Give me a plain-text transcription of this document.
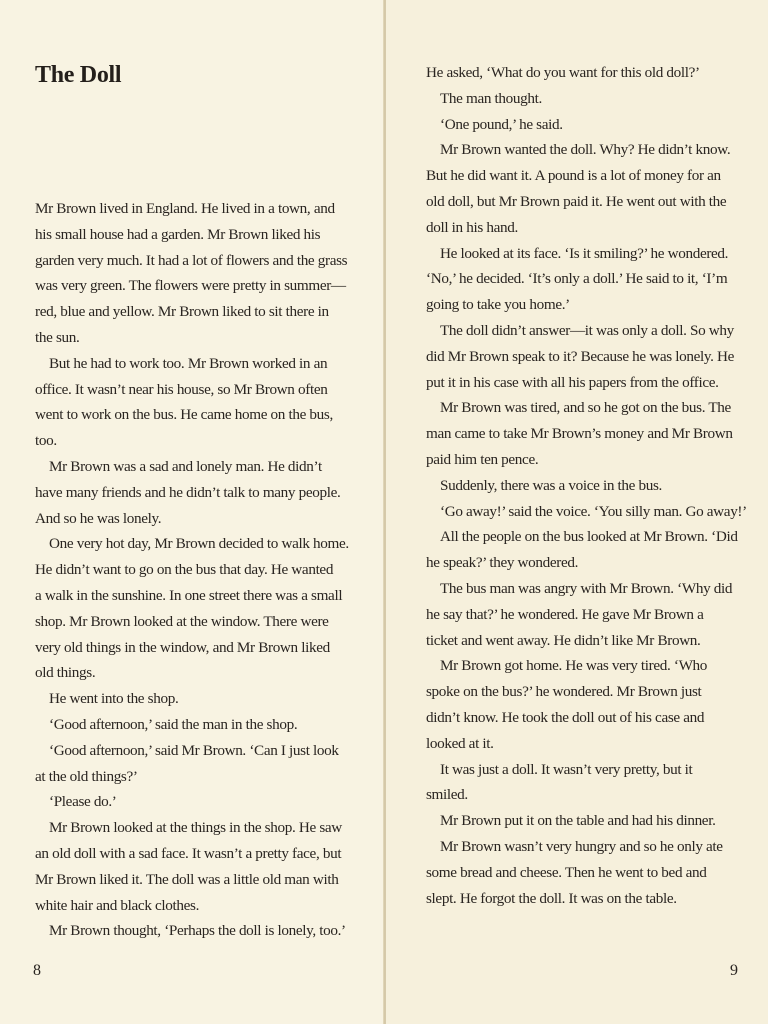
The Doll

Mr Brown lived in England. He lived in a town, and
his small house had a garden. Mr Brown liked his
garden very much. It had a lot of flowers and the grass
was very green. The flowers were pretty in summer—
red, blue and yellow. Mr Brown liked to sit there in
the sun.

But he had to work too. Mr Brown worked in an
office. It wasn’t near his house, so Mr Brown often
went to work on the bus. He came home on the bus,
too.

Mr Brown was a sad and lonely man. He didn’t
have many friends and he didn’t talk to many people.
And so he was lonely.

One very hot day, Mr Brown decided to walk home.
He didn’t want to go on the bus that day. He wanted
a walk in the sunshine. In one street there was a small
shop. Mr Brown looked at the window. There were
very old things in the window, and Mr Brown liked
old things.

He went into the shop.

‘Good afternoon,’ said the man in the shop.

‘Good afternoon,’ said Mr Brown. ‘Can I just look
at the old things?’

‘Please do.’

Mr Brown looked at the things in the shop. He saw
an old doll with a sad face. It wasn’t a pretty face, but
Mr Brown liked it. The doll was a little old man with
white hair and black clothes.

Mr Brown thought, ‘Perhaps the doll is lonely, too.’

8

He asked, ‘What do you want for this old doll?’

The man thought.

‘One pound,’ he said.

Mr Brown wanted the doll. Why? He didn’t know.
But he did want it. A pound is a lot of money for an
old doll, but Mr Brown paid it. He went out with the
doll in his hand.

He looked at its face. ‘Is it smiling?’ he wondered.
‘No,’ he decided. ‘It’s only a doll.’ He said to it, ‘I’m
going to take you home.’

The doll didn’t answer—it was only a doll. So why
did Mr Brown speak to it? Because he was lonely. He
put it in his case with all his papers from the office.

Mr Brown was tired, and so he got on the bus. The
man came to take Mr Brown’s money and Mr Brown
paid him ten pence.

Suddenly, there was a voice in the bus.

‘Go away!’ said the voice. ‘You silly man. Go away!’

All the people on the bus looked at Mr Brown. ‘Did
he speak?’ they wondered.

The bus man was angry with Mr Brown. ‘Why did
he say that?’ he wondered. He gave Mr Brown a
ticket and went away. He didn’t like Mr Brown.

Mr Brown got home. He was very tired. ‘Who
spoke on the bus?’ he wondered. Mr Brown just
didn’t know. He took the doll out of his case and
looked at it.

It was just a doll. It wasn’t very pretty, but it
smiled.

Mr Brown put it on the table and had his dinner.

Mr Brown wasn’t very hungry and so he only ate
some bread and cheese. Then he went to bed and
slept. He forgot the doll. It was on the table.

9
